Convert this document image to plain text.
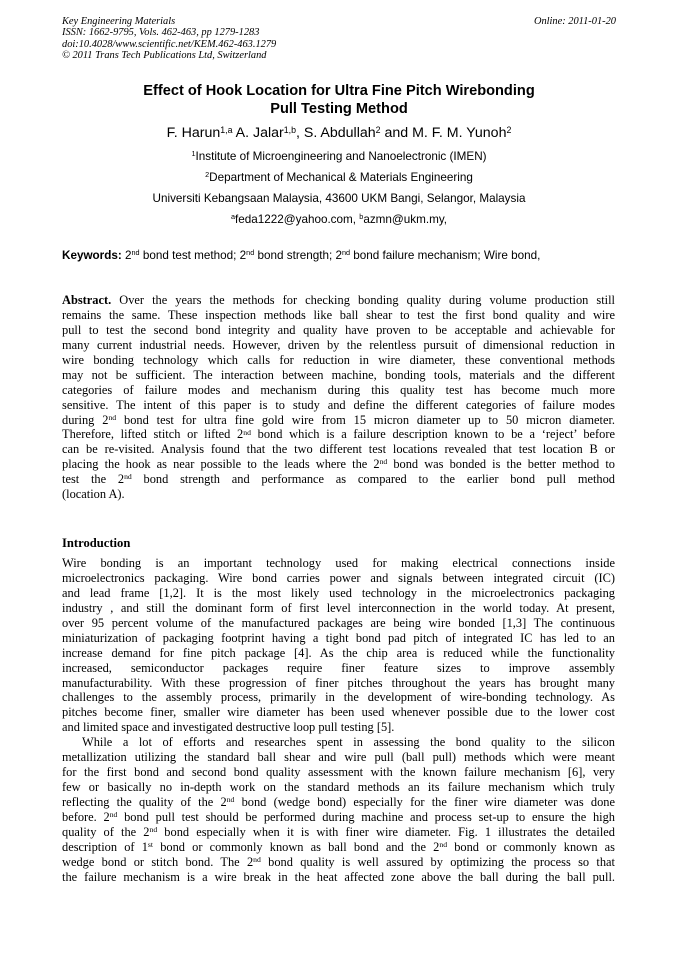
Key Engineering Materials
ISSN: 1662-9795, Vols. 462-463, pp 1279-1283
doi:10.4028/www.scientific.net/KEM.462-463.1279
© 2011 Trans Tech Publications Ltd, Switzerland
Online: 2011-01-20
Effect of Hook Location for Ultra Fine Pitch Wirebonding
Pull Testing Method
F. Harun$^{1,a}$ A. Jalar$^{1,b}$, S. Abdullah$^2$ and M. F. M. Yunoh$^2$
$^1$Institute of Microengineering and Nanoelectronic (IMEN)
$^2$Department of Mechanical & Materials Engineering
Universiti Kebangsaan Malaysia, 43600 UKM Bangi, Selangor, Malaysia
$^a$feda1222@yahoo.com, $^b$azmn@ukm.my,
Keywords: 2nd bond test method; 2nd bond strength; 2nd bond failure mechanism; Wire bond,
Abstract. Over the years the methods for checking bonding quality during volume production still
remains the same. These inspection methods like ball shear to test the first bond quality and wire
pull to test the second bond integrity and quality have proven to be acceptable and achievable for
many current industrial needs. However, driven by the relentless pursuit of dimensional reduction in
wire bonding technology which calls for reduction in wire diameter, these conventional methods
may not be sufficient. The interaction between machine, bonding tools, materials and the different
categories of failure modes and mechanism during this quality test has become much more
sensitive. The intent of this paper is to study and define the different categories of failure modes
during 2nd bond test for ultra fine gold wire from 15 micron diameter up to 50 micron diameter.
Therefore, lifted stitch or lifted 2nd bond which is a failure description known to be a ‘reject’ before
can be re-visited. Analysis found that the two different test locations revealed that test location B or
placing the hook as near possible to the leads where the 2nd bond was bonded is the better method to
test the 2nd bond strength and performance as compared to the earlier bond pull method
(location A).
Introduction
Wire bonding is an important technology used for making electrical connections inside
microelectronics packaging. Wire bond carries power and signals between integrated circuit (IC)
and lead frame [1,2]. It is the most likely used technology in the microelectronics packaging
industry , and still the dominant form of first level interconnection in the world today. At present,
over 95 percent volume of the manufactured packages are being wire bonded [1,3] The continuous
miniaturization of packaging footprint having a tight bond pad pitch of integrated IC has led to an
increase demand for fine pitch package [4]. As the chip area is reduced while the functionality
increased, semiconductor packages require finer feature sizes to improve assembly
manufacturability. With these progression of finer pitches throughout the years has brought many
challenges to the assembly process, primarily in the development of wire-bonding technology. As
pitches become finer, smaller wire diameter has been used whenever possible due to the lower cost
and limited space and investigated destructive loop pull testing [5].
While a lot of efforts and researches spent in assessing the bond quality to the silicon
metallization utilizing the standard ball shear and wire pull (ball pull) methods which were meant
for the first bond and second bond quality assessment with the known failure mechanism [6], very
few or basically no in-depth work on the standard methods an its failure mechanism which truly
reflecting the quality of the 2nd bond (wedge bond) especially for the finer wire diameter was done
before. 2nd bond pull test should be performed during machine and process set-up to ensure the high
quality of the 2nd bond especially when it is with finer wire diameter. Fig. 1 illustrates the detailed
description of 1st bond or commonly known as ball bond and the 2nd bond or commonly known as
wedge bond or stitch bond. The 2nd bond quality is well assured by optimizing the process so that
the failure mechanism is a wire break in the heat affected zone above the ball during the ball pull.
